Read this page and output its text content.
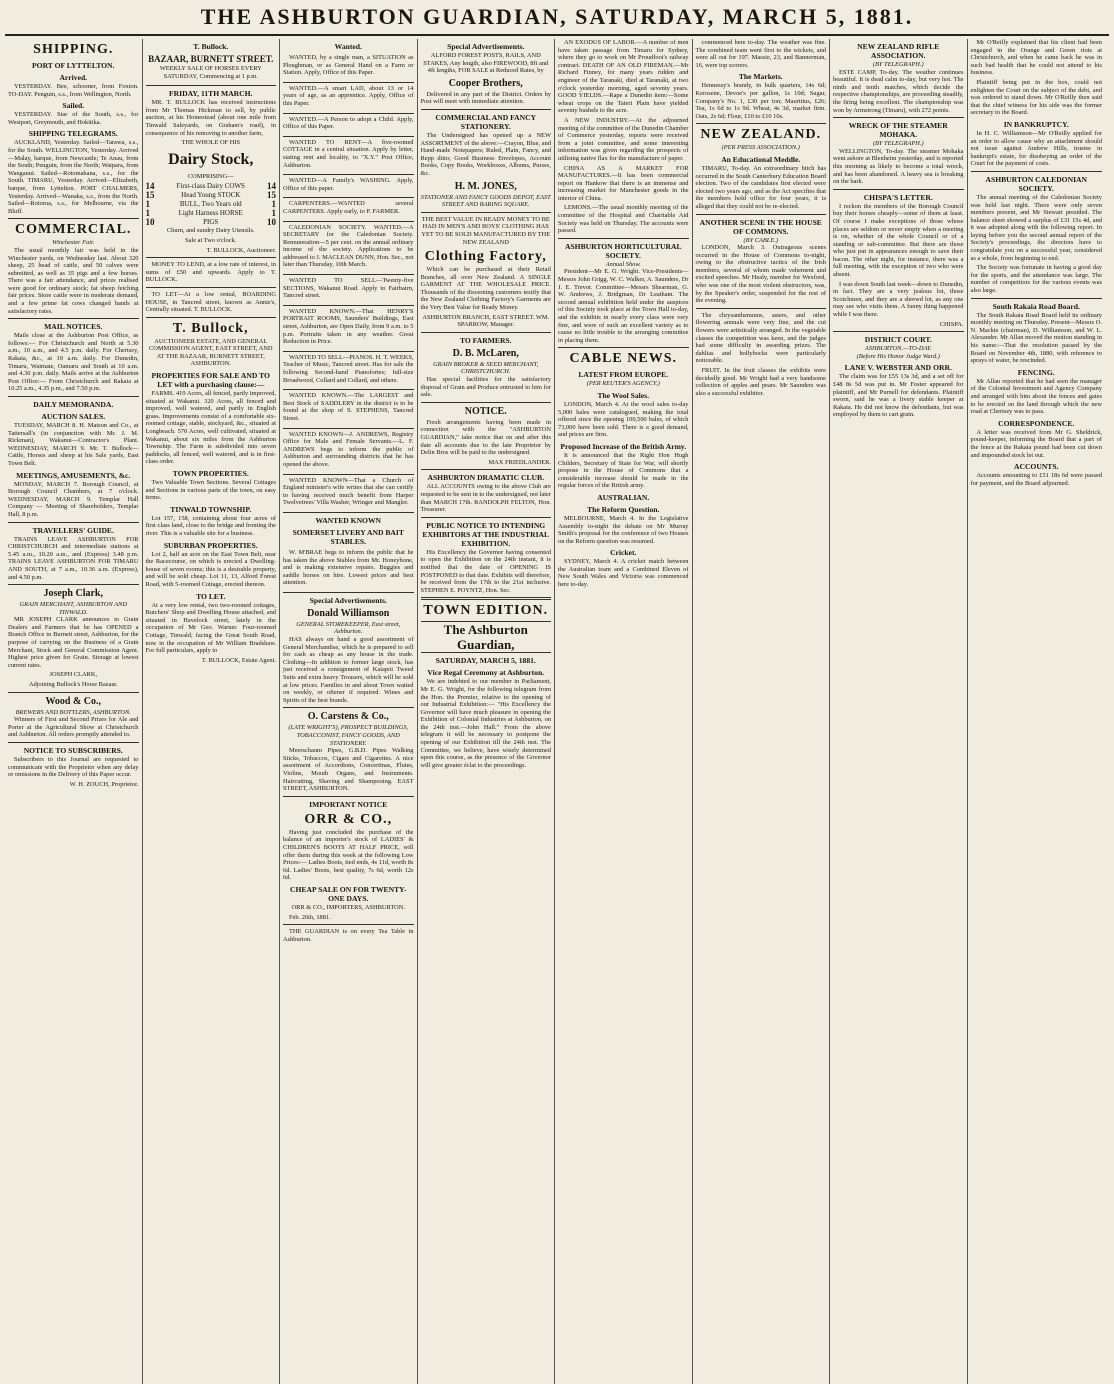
THE ASHBURTON GUARDIAN, SATURDAY, MARCH 5, 1881.
SHIPPING.
PORT OF LYTTELTON.
Arrived.

YESTERDAY. Bee, schooner, from Foxton. TO-DAY. Penguin, s.s., from Wellington, North.

Sailed.

YESTERDAY. Star of the South, s.s., for Westport, Greymouth, and Hokitika.

SHIPPING TELEGRAMS.

AUCKLAND, Yesterday. Sailed—Tarawa, s.s., for the South. WELLINGTON, Yesterday. Arrived—Malay, barque, from Newcastle; Te Anau, from the South; Penguin, from the North; Waipara, from Wanganui. Sailed—Rotomahana, s.s., for the South. TIMARU, Yesterday. Arrived—Elizabeth, barque, from Lyttelton. PORT CHALMERS, Yesterday. Arrived—Wanaka, s.s., from the North. Sailed—Rotorua, s.s., for Melbourne, via the Bluff.

COMMERCIAL.
Winchester Fair.

The usual monthly fair was held in the Winchester yards, on Wednesday last. About 320 sheep, 25 head of cattle, and 50 calves were submitted, as well as 35 pigs and a few horses. There was a fair attendance, and prices realised were good for ordinary stock; fat sheep fetching fair prices. Store cattle were in moderate demand, and a few prime fat cows changed hands at satisfactory rates.

MAIL NOTICES.

Mails close at the Ashburton Post Office, as follows:— For Christchurch and North at 5.30 a.m., 10 a.m., and 4.5 p.m. daily. For Chertsey, Rakaia, &c., at 10 a.m. daily. For Dunedin, Timaru, Waimate, Oamaru and South at 10 a.m. and 4.30 p.m. daily. Mails arrive at the Ashburton Post Office:— From Christchurch and Rakaia at 10.25 a.m., 4.35 p.m., and 7.50 p.m.

DAILY MEMORANDA.
AUCTION SALES.

TUESDAY, MARCH 8. H. Matson and Co., at Tattersall's (in conjunction with Mr. J. M. Rickman), Wakanui—Contractor's Plant. WEDNESDAY, MARCH 9. Mr. T. Bullock—Cattle, Horses and sheep at his Sale yards, East Town Belt.

MEETINGS, AMUSEMENTS, &c.

MONDAY, MARCH 7. Borough Council, at Borough Council Chambers, at 7 o'clock. WEDNESDAY, MARCH 9. Templar Hall Company — Meeting of Shareholders, Templar Hall, 8 p.m.

TRAVELLERS' GUIDE.

TRAINS LEAVE ASHBURTON FOR CHRISTCHURCH and intermediate stations at 5.45 a.m., 10.20 a.m., and (Express) 3.48 p.m. TRAINS LEAVE ASHBURTON FOR TIMARU AND SOUTH, at 7 a.m., 10.36 a.m. (Express), and 4.50 p.m.

Joseph Clark,
GRAIN MERCHANT, ASHBURTON AND TINWALD.

MR JOSEPH CLARK announces to Grain Dealers and Farmers that he has OPENED a Branch Office in Burnett street, Ashburton, for the purpose of carrying on the Business of a Grain Merchant, Stock and General Commission Agent. Highest price given for Grain. Storage at lowest current rates.

JOSEPH CLARK,

Adjoining Bullock's Horse Bazaar.

Wood & Co.,
BREWERS AND BOTTLERS, ASHBURTON.

Winners of First and Second Prizes for Ale and Porter at the Agricultural Show at Christchurch and Ashburton. All orders promptly attended to.

NOTICE TO SUBSCRIBERS.

Subscribers to this Journal are requested to communicate with the Proprietor when any delay or omissions in the Delivery of this Paper occur.

W. H. ZOUCH, Proprietor.

T. Bullock.
BAZAAR, BURNETT STREET.

WEEKLY SALE OF HORSES EVERY SATURDAY, Commencing at 1 p.m.

FRIDAY, 11TH MARCH.

MR. T. BULLOCK has received instructions from Mr Thomas Hickman to sell, by public auction, at his Homestead (about one mile from Tinwald Saleyards, on Graham's road), in consequence of his removing to another farm,

THE WHOLE OF HIS

Dairy Stock,

COMPRISING—

14	First-class Dairy COWS 14
15	Head Young STOCK	15
1	BULL, Two Years old	1
1	Light Harness HORSE	1
10	PIGS	10

Churn, and sundry Dairy Utensils.

Sale at Two o'clock.

T. BULLOCK, Auctioneer.

MONEY TO LEND, at a low rate of interest, in sums of £50 and upwards. Apply to T. BULLOCK.

TO LET—At a low rental, BOARDING HOUSE, in Tancred street, known as Annie's, Centrally situated. T. BULLOCK.

T. Bullock,

AUCTIONEER ESTATE, AND GENERAL COMMISSION AGENT, EAST STREET, AND AT THE BAZAAR, BURNETT STREET, ASHBURTON.

PROPERTIES FOR SALE AND TO LET with a purchasing clause:—

FARMS. 419 Acres, all fenced, partly improved, situated at Wakanui. 320 Acres, all fenced and improved, well watered, and partly in English grass. Improvements consist of a comfortable six-roomed cottage, stable, stockyard, &c., situated at Longbeach. 570 Acres, well cultivated, situated at Wakanui, about six miles from the Ashburton Township. The Farm is subdivided into seven paddocks, all fenced, well watered, and is in first-class order.

TOWN PROPERTIES.

Two Valuable Town Sections. Several Cottages and Sections in various parts of the town, on easy terms.

TINWALD TOWNSHIP.

Lot 157, 158, containing about four acres of first class land, close to the bridge and fronting the river. This is a valuable site for a business.

SUBURBAN PROPERTIES.

Lot 2, half an acre on the East Town Belt, near the Racecourse, on which is erected a Dwelling-house of seven rooms; this is a desirable property, and will be sold cheap. Lot 11, 13, Alford Forest Road, with 5-roomed Cottage, erected thereon.

TO LET.

At a very low rental, two two-roomed cottages, Butchers' Shop and Dwelling House attached, and situated in Havelock street, lately in the occupation of Mr Geo. Warner. Four-roomed Cottage, Tinwald, facing the Great South Road, now in the occupation of Mr William Bradshaw. For full particulars, apply to

T. BULLOCK, Estate Agent.

Wanted.

WANTED, by a single man, a SITUATION as Ploughman, or as General Hand on a Farm or Station. Apply, Office of this Paper.

WANTED.—A smart LAD, about 13 or 14 years of age, as an apprentice. Apply, Office of this Paper.

WANTED.—A Person to adopt a Child. Apply, Office of this Paper.

WANTED TO RENT—A five-roomed COTTAGE in a central situation. Apply by letter, stating rent and locality, to "X.Y." Post Office, Ashburton.

WANTED—A Family's WASHING. Apply, Office of this paper.

CARPENTERS.—WANTED several CARPENTERS. Apply early, to P. FARMER.

CALEDONIAN SOCIETY. WANTED.—A SECRETARY for the Caledonian Society. Remuneration—5 per cent. on the annual ordinary income of the society. Applications to be addressed to J. MACLEAN DUNN, Hon. Sec., not later than Thursday, 10th March.

WANTED TO SELL—Twenty-five SECTIONS, Wakanui Road. Apply to Fairbairn, Tancred street.

WANTED KNOWN.—That HENRY'S PORTRAIT ROOMS, Saunders' Buildings, East street, Ashburton, are Open Daily, from 9 a.m. to 5 p.m. Portraits taken in any weather. Great Reduction in Price.

WANTED TO SELL—PIANOS. H. T. WEEKS, Teacher of Music, Tancred street. Has for sale the following Second-hand Pianofortes; full-size Broadwood, Collard and Collard, and others.

WANTED KNOWN.—The LARGEST and Best Stock of SADDLERY in the district is to be found at the shop of S. STEPHENS, Tancred Street.

WANTED KNOWN—J. ANDREWS, Registry Office for Male and Female Servants.—L. F. ANDREWS begs to inform the public of Ashburton and surrounding districts that he has opened the above.

WANTED KNOWN—That a Church of England minister's wife writes that she can certify to having received much benefit from Harper Twelvetrees' Villa Washer, Wringer and Mangler.

WANTED KNOWN
SOMERSET LIVERY AND BAIT STABLES.

W. M'BRAE begs to inform the public that he has taken the above Stables from Mr. Honeybone, and is making extensive repairs. Buggies and saddle horses on hire. Lowest prices and best attention.

Special Advertisements.
Donald Williamson
GENERAL STOREKEEPER, East street, Ashburton.

HAS always on hand a good assortment of General Merchandise, which he is prepared to sell for cash as cheap as any house in the trade. Clothing—In addition to former large stock, has just received a consignment of Kaiapoi Tweed Suits and extra heavy Trousers, which will be sold at low prices. Families in and about Town waited on weekly, or oftener if required. Wines and Spirits of the best brands.

O. Carstens & Co.,
(LATE WRIGHT'S), PROSPECT BUILDINGS, TOBACCONIST, FANCY GOODS, AND STATIONERY.

Meerschaum Pipes, G.B.D. Pipes Walking Sticks, Tobaccos, Cigars and Cigarettes. A nice assortment of Accordions, Concertinas, Flutes, Violins, Mouth Organs, and Instruments. Haircutting, Shaving and Shampooing. EAST STREET, ASHBURTON.

IMPORTANT NOTICE
ORR & CO.,

Having just concluded the purchase of the balance of an importer's stock of LADIES' & CHILDREN'S BOOTS AT HALF PRICE, will offer them during this week at the following Low Prices:— Ladies Boots, tied ends, 4s 11d, worth 8s 6d. Ladies' Boots, best quality, 7s 6d, worth 12s 6d.

CHEAP SALE ON FOR TWENTY-ONE DAYS.

ORR & CO., IMPORTERS, ASHBURTON.

Feb. 26th, 1881.

THE GUARDIAN is on every Tea Table in Ashburton.

Special Advertisements.

ALFORD FOREST POSTS, RAILS, AND STAKES, Any length, also FIREWOOD, 8ft and 4ft lengths, FOR SALE at Reduced Rates, by

Cooper Brothers,

Delivered in any part of the District. Orders by Post will meet with immediate attention.

COMMERCIAL AND FANCY STATIONERY.

The Undersigned has opened up a NEW ASSORTMENT of the above:—Crayon, Blue, and Hand-made Notepapers; Ruled, Plain, Fancy, and Repp ditto; Good Business Envelopes, Account Books, Copy Books, Workboxes, Albums, Purses, &c.

H. M. JONES,
STATIONER AND FANCY GOODS DEPOT, EAST STREET AND BARING SQUARE.

THE BEST VALUE IN READY MONEY TO BE HAD IN MEN'S AND BOYS' CLOTHING HAS YET TO BE SOLD MANUFACTURED BY THE NEW ZEALAND

Clothing Factory,

Which can be purchased at their Retail Branches, all over New Zealand. A SINGLE GARMENT AT THE WHOLESALE PRICE. Thousands of the discerning customers testify that the New Zealand Clothing Factory's Garments are the Very Best Value for Ready Money.

ASHBURTON BRANCH, EAST STREET. WM. SPARROW, Manager.

TO FARMERS.
D. B. McLaren,
GRAIN BROKER & SEED MERCHANT, CHRISTCHURCH.

Has special facilities for the satisfactory disposal of Grain and Produce entrusted to him for sale.

NOTICE.

Fresh arrangements having been made in connection with the "ASHBURTON GUARDIAN," take notice that on and after this date all accounts due to the late Proprietor by Delin Bros will be paid to the undersigned.

MAX FRIEDLANDER.

ASHBURTON DRAMATIC CLUB.

ALL ACCOUNTS owing to the above Club are requested to be sent in to the undersigned, not later than MARCH 17th. RANDOLPH FELTON, Hon. Treasurer.

PUBLIC NOTICE TO INTENDING EXHIBITORS AT THE INDUSTRIAL EXHIBITION.

His Excellency the Governor having consented to open the Exhibition on the 24th instant, it is notified that the date of OPENING IS POSTPONED to that date. Exhibits will therefore, be received from the 17th to the 21st inclusive. STEPHEN E. POYNTZ, Hon. Sec.

TOWN EDITION.
The Ashburton Guardian,
SATURDAY, MARCH 5, 1881.
Vice Regal Ceremony at Ashburton.

We are indebted to our member in Parliament, Mr E. G. Wright, for the following telegram from the Hon. the Premier, relative to the opening of our Industrial Exhibition:— "His Excellency the Governor will have much pleasure in opening the Exhibition of Colonial Industries at Ashburton, on the 24th inst.—John Hall." From the above telegram it will be necessary to postpone the opening of our Exhibition till the 24th inst. The Committee, we believe, have wisely determined upon this course, as the presence of the Governor will give greater éclat to the proceedings.

AN EXODUS OF LABOR.—A number of men have taken passage from Timaru for Sydney, where they go to work on Mr Proudfoot's railway contract. DEATH OF AN OLD FIREMAN.—Mr Richard Finney, for many years ridden and engineer of the Taranaki, died at Taranaki, at two o'clock yesterday morning, aged seventy years. GOOD YIELDS.—Rape a Dunedin item:—Some wheat crops on the Taieri Plain have yielded seventy bushels to the acre.

A NEW INDUSTRY.—At the adjourned meeting of the committee of the Dunedin Chamber of Commerce yesterday, reports were received from a joint committee, and some interesting information was given regarding the prospects of utilising native flax for the manufacture of paper.

CHINA AS A MARKET FOR MANUFACTURES.—It has been commercial report on Hankow that there is an immense and increasing market for Manchester goods in the interior of China.

LEMONS.—The usual monthly meeting of the committee of the Hospital and Charitable Aid Society was held on Thursday. The accounts were passed.

ASHBURTON HORTICULTURAL SOCIETY.
Annual Show.

President—Mr E. G. Wright. Vice-Presidents—Messrs John Grigg, W. C. Walker, A. Saunders, Dr J. E. Trevor. Committee—Messrs Shearman, G. W. Andrews, J. Bridgman, Dr Leatham. The second annual exhibition held under the auspices of this Society took place at the Town Hall to-day, and the exhibits in nearly every class were very fine, and were of such an excellent variety as to cause no little trouble to the arranging committee in placing them.

CABLE NEWS.
LATEST FROM EUROPE.
(PER REUTER'S AGENCY.)
The Wool Sales.

LONDON, March 4. At the wool sales to-day 5,000 bales were catalogued, making the total offered since the opening 100,500 bales, of which 73,000 have been sold. There is a good demand, and prices are firm.

Proposed Increase of the British Army.

It is announced that the Right Hon Hugh Childers, Secretary of State for War, will shortly propose in the House of Commons that a considerable increase should be made in the regular forces of the British army.

AUSTRALIAN.
The Reform Question.

MELBOURNE, March 4. In the Legislative Assembly to-night the debate on Mr Murray Smith's proposal for the conference of two Houses on the Reform question was resumed.

Cricket.

SYDNEY, March 4. A cricket match between the Australian team and a Combined Eleven of New South Wales and Victoria was commenced here to-day.

commenced here to-day. The weather was fine. The combined team went first to the wickets, and were all out for 197. Massie, 23, and Bannerman, 16, were top scorers.

The Markets.

Hennessy's brandy, in bulk quarters, 14s 6d; Kerosene, Devoe's per gallon, 1s 10d; Sugar, Company's No. 1, £30 per ton; Mauritius, £26; Tea, 1s 6d to 1s 9d. Wheat, 4s 3d, market firm. Oats, 2s 6d; Flour, £10 to £10 10s.

NEW ZEALAND.
(PER PRESS ASSOCIATION.)
An Educational Meddle.

TIMARU, To-day. An extraordinary hitch has occurred in the South Canterbury Education Board election. Two of the candidates first elected were elected two years ago, and as the Act specifies that the members hold office for four years, it is alleged that they could not be re-elected.

ANOTHER SCENE IN THE HOUSE OF COMMONS.
(BY CABLE.)

LONDON, March 3. Outrageous scenes occurred in the House of Commons to-night, owing to the obstructive tactics of the Irish members, several of whom made vehement and excited speeches. Mr Healy, member for Wexford, who was one of the most violent obstructors, was, by the Speaker's order, suspended for the rest of the evening.

The chrysanthemums, asters, and other flowering annuals were very fine, and the cut flowers were artistically arranged. In the vegetable classes the competition was keen, and the judges had some difficulty in awarding prizes. The dahlias and hollyhocks were particularly noticeable.

FRUIT. In the fruit classes the exhibits were decidedly good. Mr Wright had a very handsome collection of apples and pears. Mr Saunders was also a successful exhibitor.

NEW ZEALAND RIFLE ASSOCIATION.
(BY TELEGRAPH.)

ESTE CAMP, To-day. The weather continues beautiful. It is dead calm to-day, but very hot. The ninth and tenth matches, which decide the respective championships, are proceeding steadily, the firing being excellent. The championship was won by Armstrong (Timaru), with 272 points.

WRECK OF THE STEAMER MOHAKA.
(BY TELEGRAPH.)

WELLINGTON, To-day. The steamer Mohaka went ashore at Blenheim yesterday, and is reported this morning as likely to become a total wreck, and has been abandoned. A heavy sea is breaking on the bark.

CHISPA'S LETTER.

I reckon the members of the Borough Council buy their horses cheaply—some of them at least. Of course I make exceptions of those whose places are seldom or never empty when a meeting is on, whether of the whole Council or of a standing or sub-committee. But there are those who just put in appearances enough to save their bacon. The other night, for instance, there was a full meeting, with the exception of two who were absent.

I was down South last week—down to Dunedin, in fact. They are a very jealous lot, those Scotchmen, and they are a shrewd lot, as any one may see who visits them. A funny thing happened while I was there.

CHISPA.

DISTRICT COURT.
ASHBURTON.—TO-DAY.
(Before His Honor Judge Ward.)
LANE V. WEBSTER AND ORR.

The claim was for £55 13s 3d, and a set off for £48 8s 5d was put in. Mr Foster appeared for plaintiff, and Mr Purnell for defendants. Plaintiff sworn, said he was a livery stable keeper at Rakaia. He did not know the defendants, but was employed by them to cart grain.

Mr O'Reilly explained that his client had been engaged in the Orange and Green riots at Christchurch, and when he came back he was in such bad health that he could not attend to his business.

Plaintiff being put in the box, could not enlighten the Court on the subject of the debt, and was ordered to stand down. Mr O'Reilly then said that the chief witness for his side was the former secretary to the Board.

IN BANKRUPTCY.

In H. C. Williamson—Mr O'Reilly applied for an order to allow cause why an attachment should not issue against Andrew Hills, trustee in bankrupt's estate, for disobeying an order of the Court for the payment of costs.

ASHBURTON CALEDONIAN SOCIETY.

The annual meeting of the Caledonian Society was held last night. There were only seven members present, and Mr Stewart presided. The balance sheet showed a surplus of £31 15s 4d, and it was adopted along with the following report. In laying before you the second annual report of the Society's proceedings, the directors have to congratulate you on a successful year, considered as a whole, from beginning to end.

The Society was fortunate in having a good day for the sports, and the attendance was large. The number of competitors for the various events was also large.

South Rakaia Road Board.

The South Rakaia Road Board held its ordinary monthly meeting on Thursday. Present—Messrs O. N. Mackie (chairman), D. Williamson, and W. L. Alexander. Mr Allan moved the motion standing in his name:—That the resolution passed by the Board on November 4th, 1880, with reference to sprays of water, be rescinded.

FENCING.

Mr Allan reported that he had seen the manager of the Colonial Investment and Agency Company and arranged with him about the fences and gates to be erected on the land through which the new road at Chertsey was to pass.

CORRESPONDENCE.

A letter was received from Mr G. Sheldrick, pound-keeper, informing the Board that a part of the fence at the Rakaia pound had been cut down and impounded stock let out.

ACCOUNTS.

Accounts amounting to £51 18s 6d were passed for payment, and the Board adjourned.
